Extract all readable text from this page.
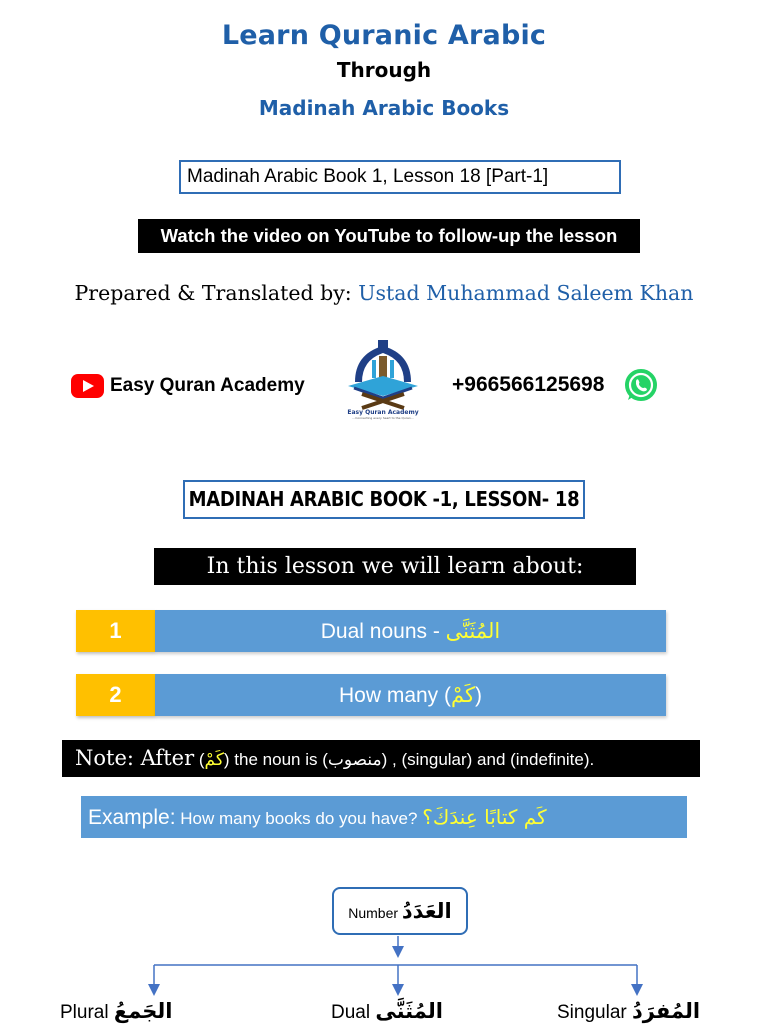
Learn Quranic Arabic
Through
Madinah Arabic Books
Madinah Arabic Book 1, Lesson 18 [Part-1]
Watch the video on YouTube to follow-up the lesson
Prepared & Translated by: Ustad Muhammad Saleem Khan
Easy Quran Academy
Easy Quran Academy
...Connecting every heart to the Quran...
+966566125698
MADINAH ARABIC BOOK -1, LESSON- 18
In this lesson we will learn about:
1	Dual nouns - المُثَنَّى
2	How many (كَمْ)
Note: After (كَمْ) the noun is (منصوب) , (singular) and (indefinite).
Example: How many books do you have? كَم كتابًا عِندَكَ؟
Number العَدَدُ
Plural الجَمعُ	Dual المُثَنَّى	Singular المُفرَدُ
